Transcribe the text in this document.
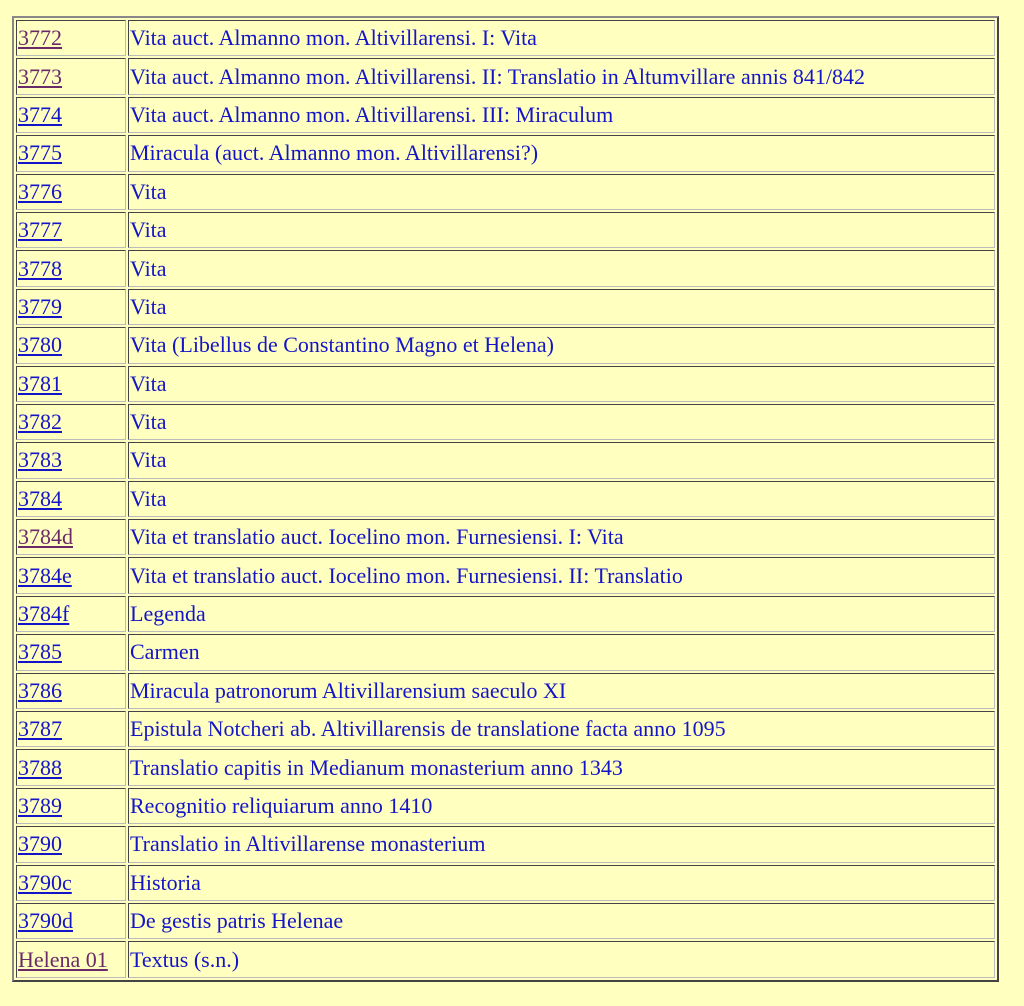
3772	Vita auct. Almanno mon. Altivillarensi. I: Vita
3773	Vita auct. Almanno mon. Altivillarensi. II: Translatio in Altumvillare annis 841/842
3774	Vita auct. Almanno mon. Altivillarensi. III: Miraculum
3775	Miracula (auct. Almanno mon. Altivillarensi?)
3776	Vita
3777	Vita
3778	Vita
3779	Vita
3780	Vita (Libellus de Constantino Magno et Helena)
3781	Vita
3782	Vita
3783	Vita
3784	Vita
3784d	Vita et translatio auct. Iocelino mon. Furnesiensi. I: Vita
3784e	Vita et translatio auct. Iocelino mon. Furnesiensi. II: Translatio
3784f	Legenda
3785	Carmen
3786	Miracula patronorum Altivillarensium saeculo XI
3787	Epistula Notcheri ab. Altivillarensis de translatione facta anno 1095
3788	Translatio capitis in Medianum monasterium anno 1343
3789	Recognitio reliquiarum anno 1410
3790	Translatio in Altivillarense monasterium
3790c	Historia
3790d	De gestis patris Helenae
Helena 01	Textus (s.n.)
